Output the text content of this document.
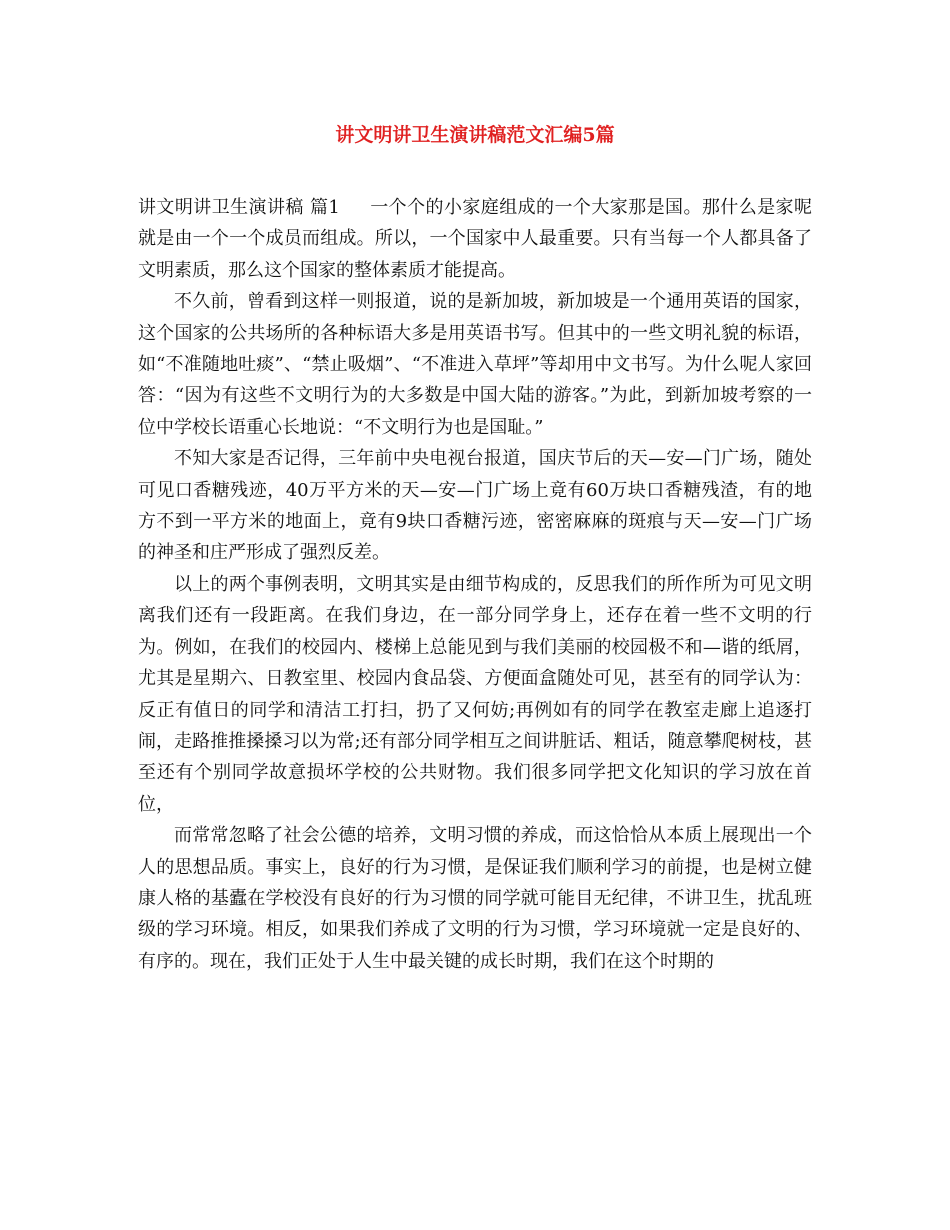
讲文明讲卫生演讲稿范文汇编5篇

讲文明讲卫生演讲稿 篇1 一个个的小家庭组成的一个大家那是国。那什么是家呢就是由一个一个成员而组成。所以，一个国家中人最重要。只有当每一个人都具备了文明素质，那么这个国家的整体素质才能提高。

不久前，曾看到这样一则报道，说的是新加坡，新加坡是一个通用英语的国家，这个国家的公共场所的各种标语大多是用英语书写。但其中的一些文明礼貌的标语，如“不准随地吐痰”、“禁止吸烟”、“不准进入草坪”等却用中文书写。为什么呢人家回答：“因为有这些不文明行为的大多数是中国大陆的游客。”为此，到新加坡考察的一位中学校长语重心长地说：“不文明行为也是国耻。”

不知大家是否记得，三年前中央电视台报道，国庆节后的天—安—门广场，随处可见口香糖残迹，40万平方米的天—安—门广场上竟有60万块口香糖残渣，有的地方不到一平方米的地面上，竟有9块口香糖污迹，密密麻麻的斑痕与天—安—门广场的神圣和庄严形成了强烈反差。

以上的两个事例表明，文明其实是由细节构成的，反思我们的所作所为可见文明离我们还有一段距离。在我们身边，在一部分同学身上，还存在着一些不文明的行为。例如，在我们的校园内、楼梯上总能见到与我们美丽的校园极不和—谐的纸屑，尤其是星期六、日教室里、校园内食品袋、方便面盒随处可见，甚至有的同学认为：反正有值日的同学和清洁工打扫，扔了又何妨;再例如有的同学在教室走廊上追逐打闹，走路推推搡搡习以为常;还有部分同学相互之间讲脏话、粗话，随意攀爬树枝，甚至还有个别同学故意损坏学校的公共财物。我们很多同学把文化知识的学习放在首位，

而常常忽略了社会公德的培养，文明习惯的养成，而这恰恰从本质上展现出一个人的思想品质。事实上，良好的行为习惯，是保证我们顺利学习的前提，也是树立健康人格的基蠹在学校没有良好的行为习惯的同学就可能目无纪律，不讲卫生，扰乱班级的学习环境。相反，如果我们养成了文明的行为习惯，学习环境就一定是良好的、有序的。现在，我们正处于人生中最关键的成长时期，我们在这个时期的
